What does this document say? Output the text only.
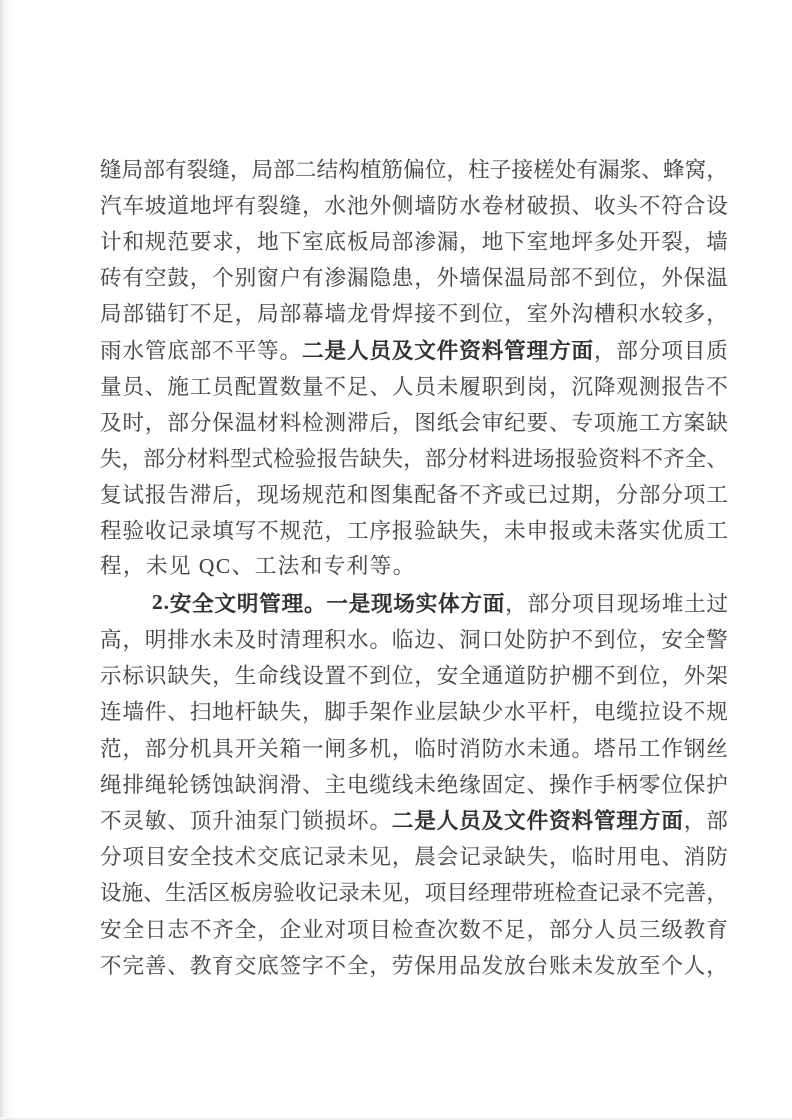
缝 局 部 有 裂 缝 ， 局 部 二 结 构 植 筋 偏 位 ， 柱 子 接 槎 处 有 漏 浆 、 蜂 窝 ，
汽 车 坡 道 地 坪 有 裂 缝 ， 水 池 外 侧 墙 防 水 卷 材 破 损 、 收 头 不 符 合 设
计 和 规 范 要 求 ， 地 下 室 底 板 局 部 渗 漏 ， 地 下 室 地 坪 多 处 开 裂 ， 墙
砖 有 空 鼓 ， 个 别 窗 户 有 渗 漏 隐 患 ， 外 墙 保 温 局 部 不 到 位 ， 外 保 温
局 部 锚 钉 不 足 ， 局 部 幕 墙 龙 骨 焊 接 不 到 位 ， 室 外 沟 槽 积 水 较 多 ，
雨 水 管 底 部 不 平 等 。 二 是 人 员 及 文 件 资 料 管 理 方 面 ， 部 分 项 目 质
量 员 、 施 工 员 配 置 数 量 不 足 、 人 员 未 履 职 到 岗 ， 沉 降 观 测 报 告 不
及 时 ， 部 分 保 温 材 料 检 测 滞 后 ， 图 纸 会 审 纪 要 、 专 项 施 工 方 案 缺
失 ， 部 分 材 料 型 式 检 验 报 告 缺 失 ， 部 分 材 料 进 场 报 验 资 料 不 齐 全 、
复 试 报 告 滞 后 ， 现 场 规 范 和 图 集 配 备 不 齐 或 已 过 期 ， 分 部 分 项 工
程 验 收 记 录 填 写 不 规 范 ， 工 序 报 验 缺 失 ， 未 申 报 或 未 落 实 优 质 工
程，未见 QC、工法和专利等。
2 . 安 全 文 明 管 理 。 一 是 现 场 实 体 方 面 ， 部 分 项 目 现 场 堆 土 过
高 ， 明 排 水 未 及 时 清 理 积 水 。 临 边 、 洞 口 处 防 护 不 到 位 ， 安 全 警
示 标 识 缺 失 ， 生 命 线 设 置 不 到 位 ， 安 全 通 道 防 护 棚 不 到 位 ， 外 架
连 墙 件 、 扫 地 杆 缺 失 ， 脚 手 架 作 业 层 缺 少 水 平 杆 ， 电 缆 拉 设 不 规
范 ， 部 分 机 具 开 关 箱 一 闸 多 机 ， 临 时 消 防 水 未 通 。 塔 吊 工 作 钢 丝
绳 排 绳 轮 锈 蚀 缺 润 滑 、 主 电 缆 线 未 绝 缘 固 定 、 操 作 手 柄 零 位 保 护
不 灵 敏 、 顶 升 油 泵 门 锁 损 坏 。 二 是 人 员 及 文 件 资 料 管 理 方 面 ， 部
分 项 目 安 全 技 术 交 底 记 录 未 见 ， 晨 会 记 录 缺 失 ， 临 时 用 电 、 消 防
设 施 、 生 活 区 板 房 验 收 记 录 未 见 ， 项 目 经 理 带 班 检 查 记 录 不 完 善 ，
安 全 日 志 不 齐 全 ， 企 业 对 项 目 检 查 次 数 不 足 ， 部 分 人 员 三 级 教 育
不 完 善 、 教 育 交 底 签 字 不 全 ， 劳 保 用 品 发 放 台 账 未 发 放 至 个 人 ，
